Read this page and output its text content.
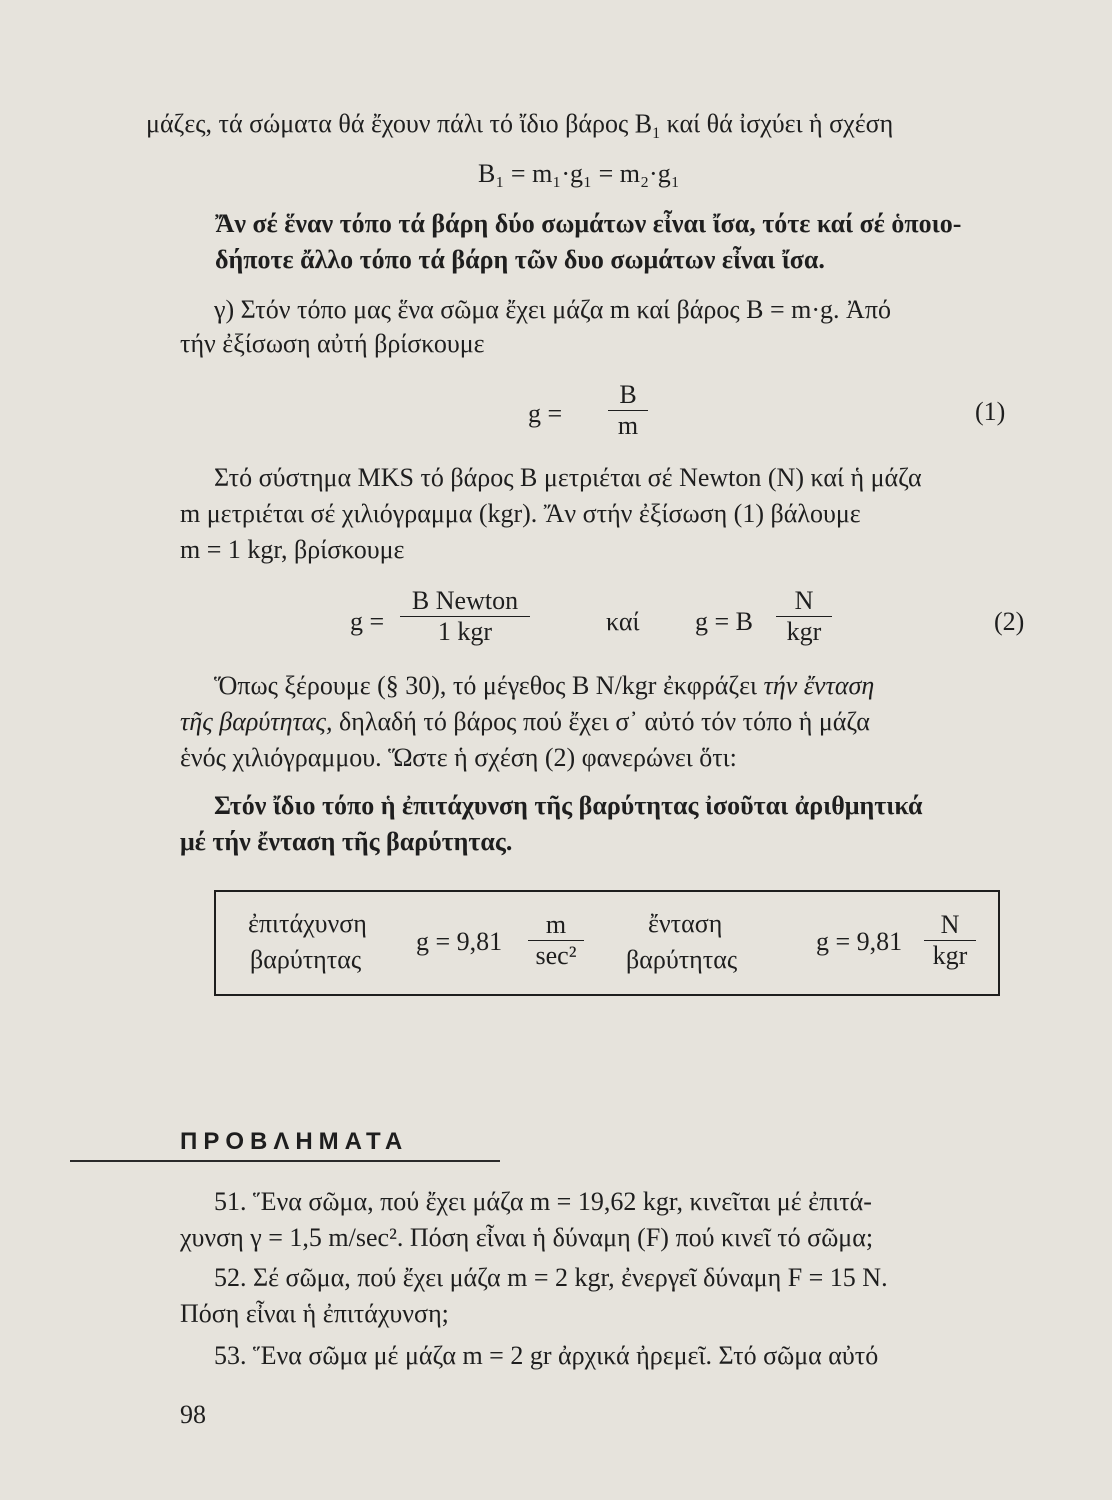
μάζες, τά σώματα θά ἔχουν πάλι τό ἴδιο βάρος $B_1$ καί θά ἰσχύει ἡ σχέση
B₁ = m₁·g₁ = m₂·g₁
Ἄν σέ ἕναν τόπο τά βάρη δύο σωμάτων εἶναι ἴσα, τότε καί σέ ὁποιο-
δήποτε ἄλλο τόπο τά βάρη τῶν δυο σωμάτων εἶναι ἴσα.
γ) Στόν τόπο μας ἕνα σῶμα ἔχει μάζα m καί βάρος B = m·g. Ἀπό
τήν ἐξίσωση αὐτή βρίσκουμε
$g = \frac{B}{m}$	(1)
Στό σύστημα MKS τό βάρος B μετριέται σέ Newton (N) καί ἡ μάζα
m μετριέται σέ χιλιόγραμμα (kgr). Ἄν στήν ἐξίσωση (1) βάλουμε
m = 1 kgr, βρίσκουμε
g =
B Newton
1 kgr	καί g = B
N
kgr	(2)
Ὅπως ξέρουμε (§ 30), τό μέγεθος B N/kgr ἐκφράζει τήν ἔνταση
τῆς βαρύτητας, δηλαδή τό βάρος πού ἔχει σ᾽ αὐτό τόν τόπο ἡ μάζα
ἑνός χιλιόγραμμου. Ὥστε ἡ σχέση (2) φανερώνει ὅτι:
Στόν ἴδιο τόπο ἡ ἐπιτάχυνση τῆς βαρύτητας ἰσοῦται ἀριθμητικά
μέ τήν ἔνταση τῆς βαρύτητας.
ἐπιτάχυνση
βαρύτητας
g = 9,81
m
sec²
ἔνταση
βαρύτητας
g = 9,81
N
kgr
ΠΡΟΒΛΗΜΑΤΑ
51. Ἕνα σῶμα, πού ἔχει μάζα m = 19,62 kgr, κινεῖται μέ ἐπιτά-
χυνση γ = 1,5 m/sec². Πόση εἶναι ἡ δύναμη (F) πού κινεῖ τό σῶμα;
52. Σέ σῶμα, πού ἔχει μάζα m = 2 kgr, ἐνεργεῖ δύναμη F = 15 N.
Πόση εἶναι ἡ ἐπιτάχυνση;
53. Ἕνα σῶμα μέ μάζα m = 2 gr ἀρχικά ἠρεμεῖ. Στό σῶμα αὐτό
98
